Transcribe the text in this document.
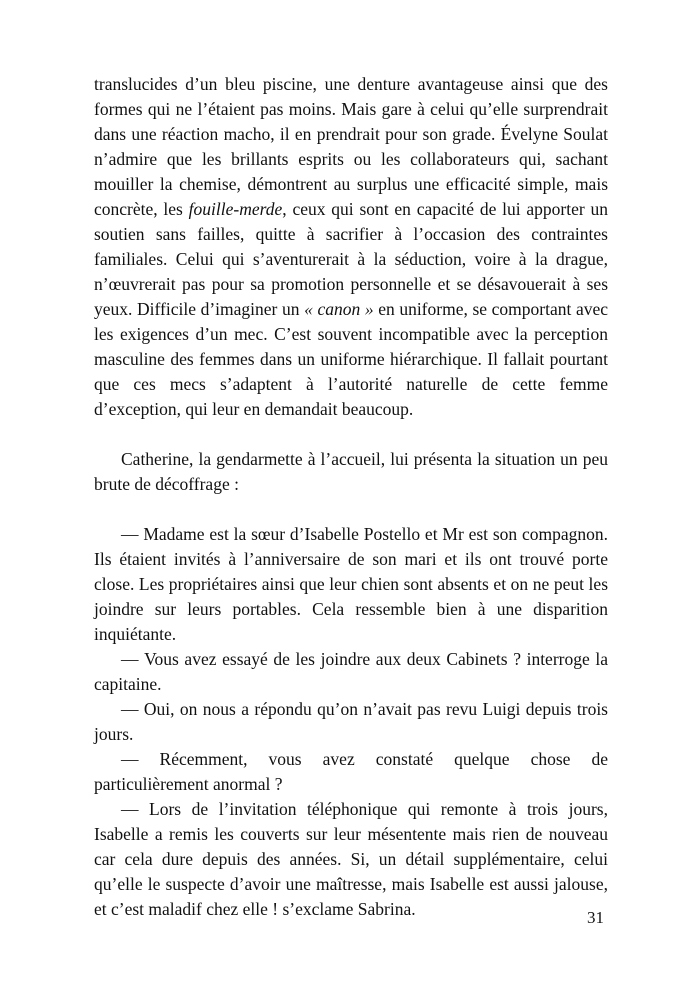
translucides d’un bleu piscine, une denture avantageuse ainsi que des formes qui ne l’étaient pas moins. Mais gare à celui qu’elle surprendrait dans une réaction macho, il en prendrait pour son grade. Évelyne Soulat n’admire que les brillants esprits ou les collaborateurs qui, sachant mouiller la chemise, démontrent au surplus une efficacité simple, mais concrète, les fouille-merde, ceux qui sont en capacité de lui apporter un soutien sans failles, quitte à sacrifier à l’occasion des contraintes familiales. Celui qui s’aventurerait à la séduction, voire à la drague, n’œuvrerait pas pour sa promotion personnelle et se désavouerait à ses yeux. Difficile d’imaginer un « canon » en uniforme, se comportant avec les exigences d’un mec. C’est souvent incompatible avec la perception masculine des femmes dans un uniforme hiérarchique. Il fallait pourtant que ces mecs s’adaptent à l’autorité naturelle de cette femme d’exception, qui leur en demandait beaucoup.

Catherine, la gendarmette à l’accueil, lui présenta la situation un peu brute de décoffrage :

— Madame est la sœur d’Isabelle Postello et Mr est son compagnon. Ils étaient invités à l’anniversaire de son mari et ils ont trouvé porte close. Les propriétaires ainsi que leur chien sont absents et on ne peut les joindre sur leurs portables. Cela ressemble bien à une disparition inquiétante.

— Vous avez essayé de les joindre aux deux Cabinets ? interroge la capitaine.

— Oui, on nous a répondu qu’on n’avait pas revu Luigi depuis trois jours.

— Récemment, vous avez constaté quelque chose de particulièrement anormal ?

— Lors de l’invitation téléphonique qui remonte à trois jours, Isabelle a remis les couverts sur leur mésentente mais rien de nouveau car cela dure depuis des années. Si, un détail supplémentaire, celui qu’elle le suspecte d’avoir une maîtresse, mais Isabelle est aussi jalouse, et c’est maladif chez elle ! s’exclame Sabrina.	31
